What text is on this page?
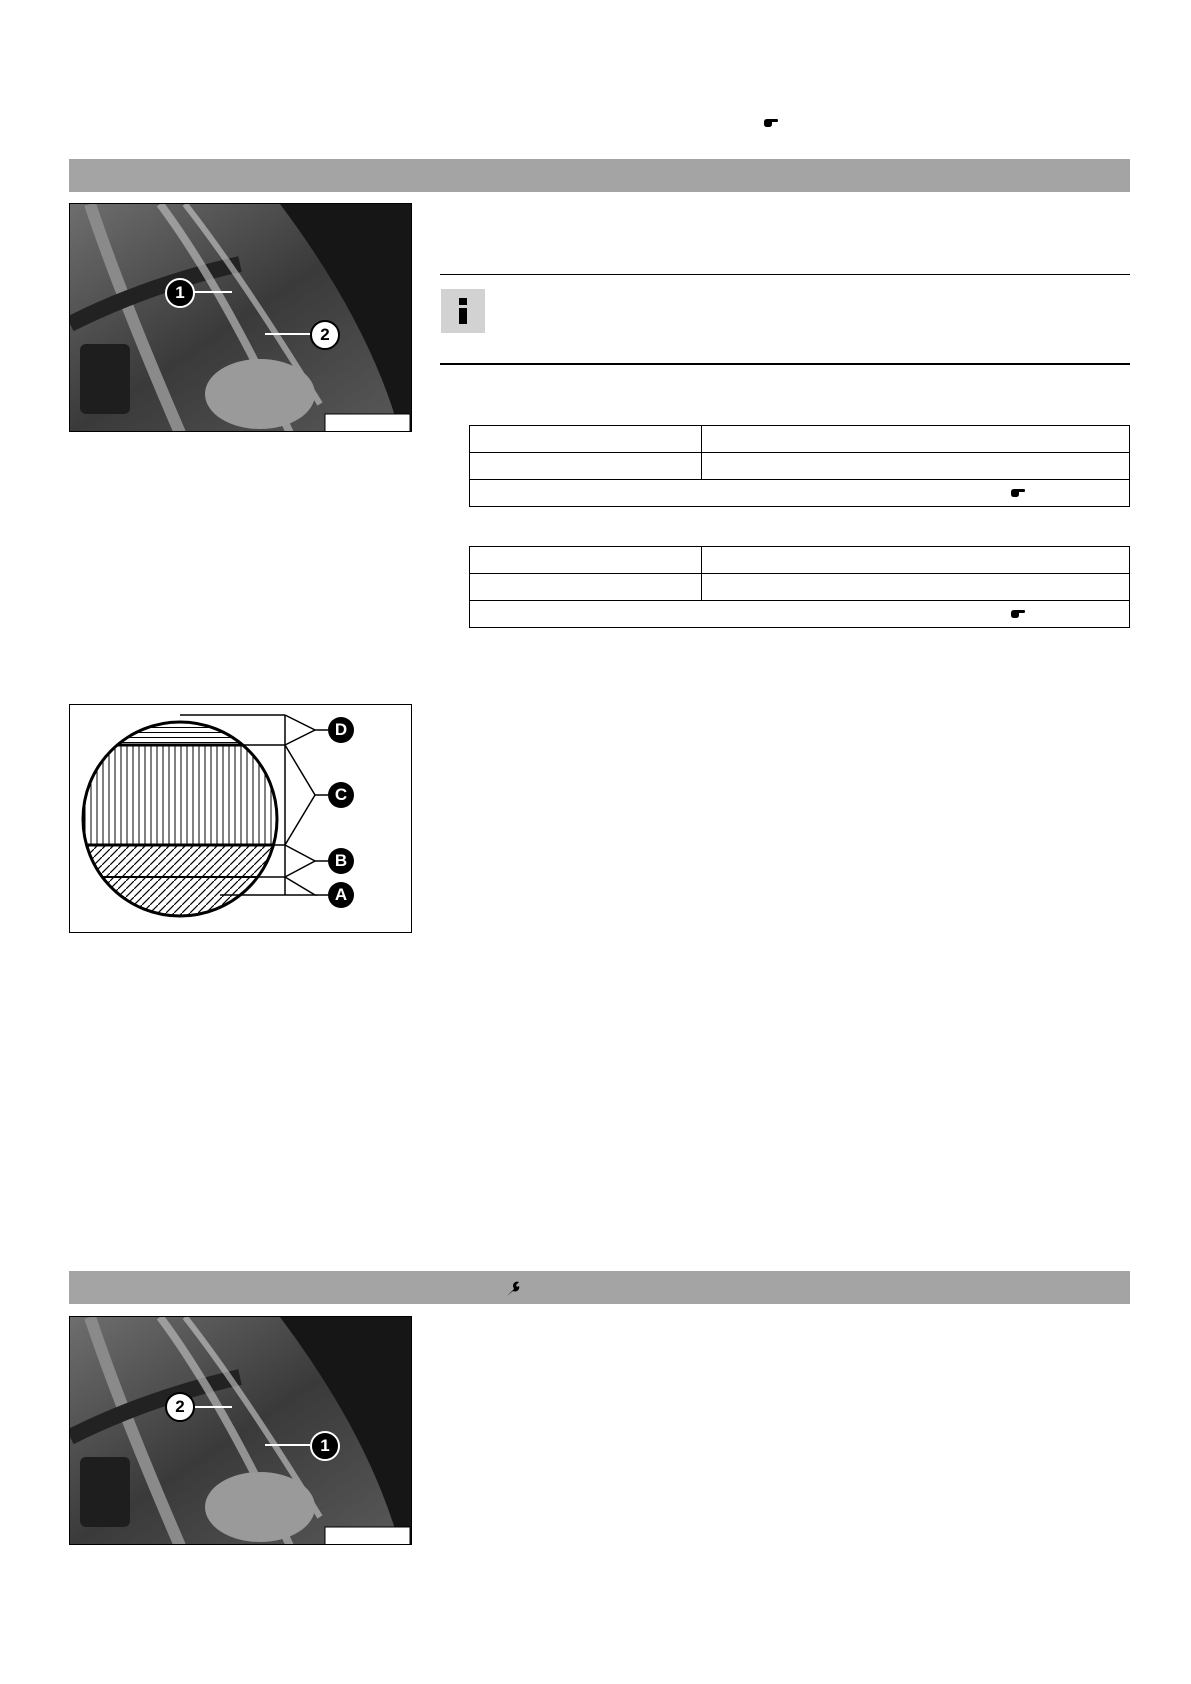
1
2

D
C
B
A
2
1
